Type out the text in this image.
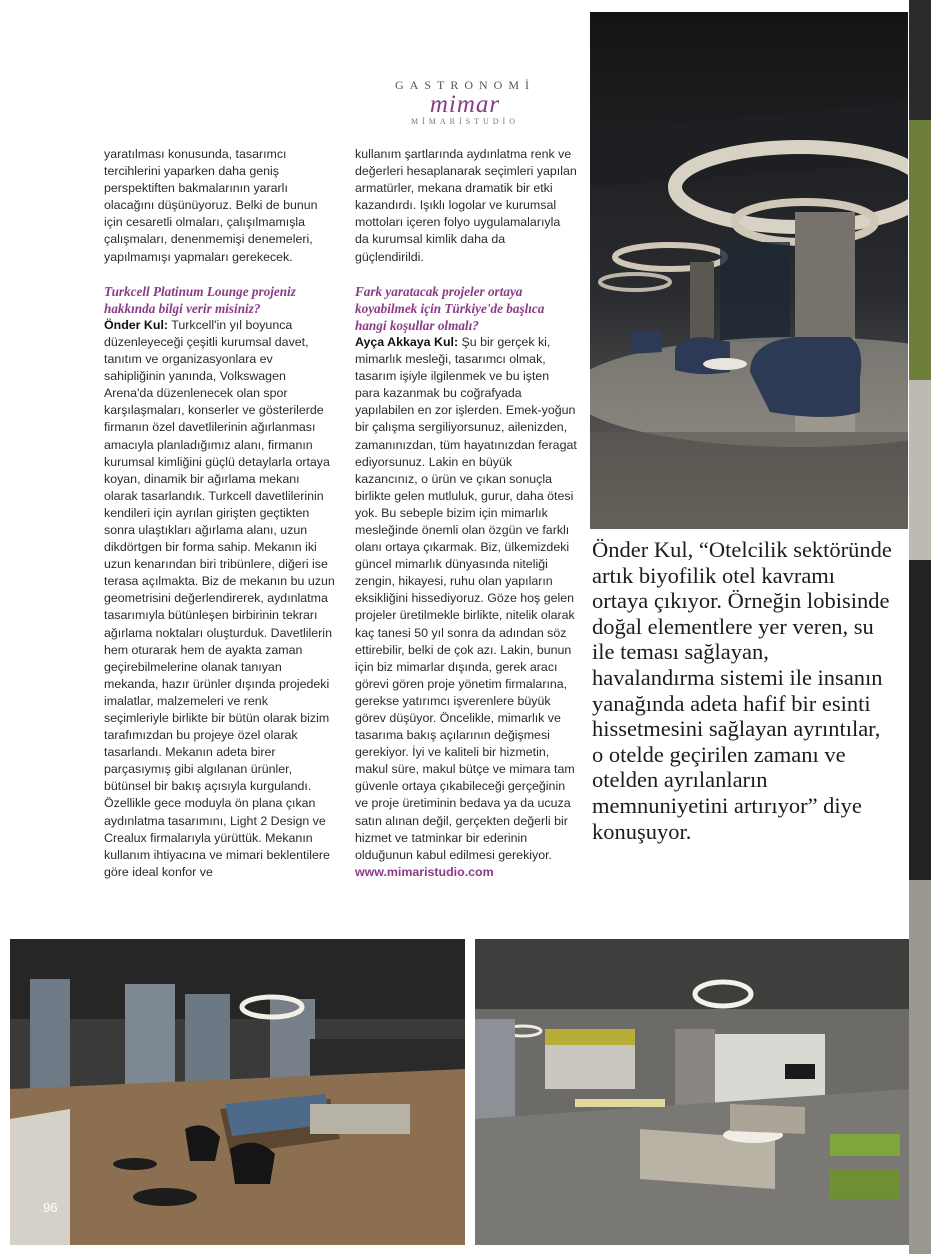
GASTRONOMİ
mimar
MİMARİSTUDİO

yaratılması konusunda, tasarımcı tercihlerini yaparken daha geniş perspektiften bakmalarının yararlı olacağını düşünüyoruz. Belki de bunun için cesaretli olmaları, çalışılmamışla çalışmaları, denenmemişi denemeleri, yapılmamışı yapmaları gerekecek.

Turkcell Platinum Lounge projeniz hakkında bilgi verir misiniz?

Önder Kul: Turkcell'in yıl boyunca düzenleyeceği çeşitli kurumsal davet, tanıtım ve organizasyonlara ev sahipliğinin yanında, Volkswagen Arena'da düzenlenecek olan spor karşılaşmaları, konserler ve gösterilerde firmanın özel davetlilerinin ağırlanması amacıyla planladığımız alanı, firmanın kurumsal kimliğini güçlü detaylarla ortaya koyan, dinamik bir ağırlama mekanı olarak tasarlandık. Turkcell davetlilerinin kendileri için ayrılan girişten geçtikten sonra ulaştıkları ağırlama alanı, uzun dikdörtgen bir forma sahip. Mekanın iki uzun kenarından biri tribünlere, diğeri ise terasa açılmakta. Biz de mekanın bu uzun geometrisini değerlendirerek, aydınlatma tasarımıyla bütünleşen birbirinin tekrarı ağırlama noktaları oluşturduk. Davetlilerin hem oturarak hem de ayakta zaman geçirebilmelerine olanak tanıyan mekanda, hazır ürünler dışında projedeki imalatlar, malzemeleri ve renk seçimleriyle birlikte bir bütün olarak bizim tarafımızdan bu projeye özel olarak tasarlandı. Mekanın adeta birer parçasıymış gibi algılanan ürünler, bütünsel bir bakış açısıyla kurgulandı. Özellikle gece moduyla ön plana çıkan aydınlatma tasarımını, Light 2 Design ve Crealux firmalarıyla yürüttük. Mekanın kullanım ihtiyacına ve mimari beklentilere göre ideal konfor ve

kullanım şartlarında aydınlatma renk ve değerleri hesaplanarak seçimleri yapılan armatürler, mekana dramatik bir etki kazandırdı. Işıklı logolar ve kurumsal mottoları içeren folyo uygulamalarıyla da kurumsal kimlik daha da güçlendirildi.

Fark yaratacak projeler ortaya koyabilmek için Türkiye'de başlıca hangi koşullar olmalı?

Ayça Akkaya Kul: Şu bir gerçek ki, mimarlık mesleği, tasarımcı olmak, tasarım işiyle ilgilenmek ve bu işten para kazanmak bu coğrafyada yapılabilen en zor işlerden. Emek-yoğun bir çalışma sergiliyorsunuz, ailenizden, zamanınızdan, tüm hayatınızdan feragat ediyorsunuz. Lakin en büyük kazancınız, o ürün ve çıkan sonuçla birlikte gelen mutluluk, gurur, daha ötesi yok. Bu sebeple bizim için mimarlık mesleğinde önemli olan özgün ve farklı olanı ortaya çıkarmak. Biz, ülkemizdeki güncel mimarlık dünyasında niteliği zengin, hikayesi, ruhu olan yapıların eksikliğini hissediyoruz. Göze hoş gelen projeler üretilmekle birlikte, nitelik olarak kaç tanesi 50 yıl sonra da adından söz ettirebilir, belki de çok azı. Lakin, bunun için biz mimarlar dışında, gerek aracı görevi gören proje yönetim firmalarına, gerekse yatırımcı işverenlere büyük görev düşüyor. Öncelikle, mimarlık ve tasarıma bakış açılarının değişmesi gerekiyor. İyi ve kaliteli bir hizmetin, makul süre, makul bütçe ve mimara tam güvenle ortaya çıkabileceği gerçeğinin ve proje üretiminin bedava ya da ucuza satın alınan değil, gerçekten değerli bir hizmet ve tatminkar bir ederinin olduğunun kabul edilmesi gerekiyor.

www.mimaristudio.com

Önder Kul, “Otelcilik sektöründe artık biyofilik otel kavramı ortaya çıkıyor. Örneğin lobisinde doğal elementlere yer veren, su ile teması sağlayan, havalandırma sistemi ile insanın yanağında adeta hafif bir esinti hissetmesini sağlayan ayrıntılar, o otelde geçirilen zamanı ve otelden ayrılanların memnuniyetini artırıyor” diye konuşuyor.
96
